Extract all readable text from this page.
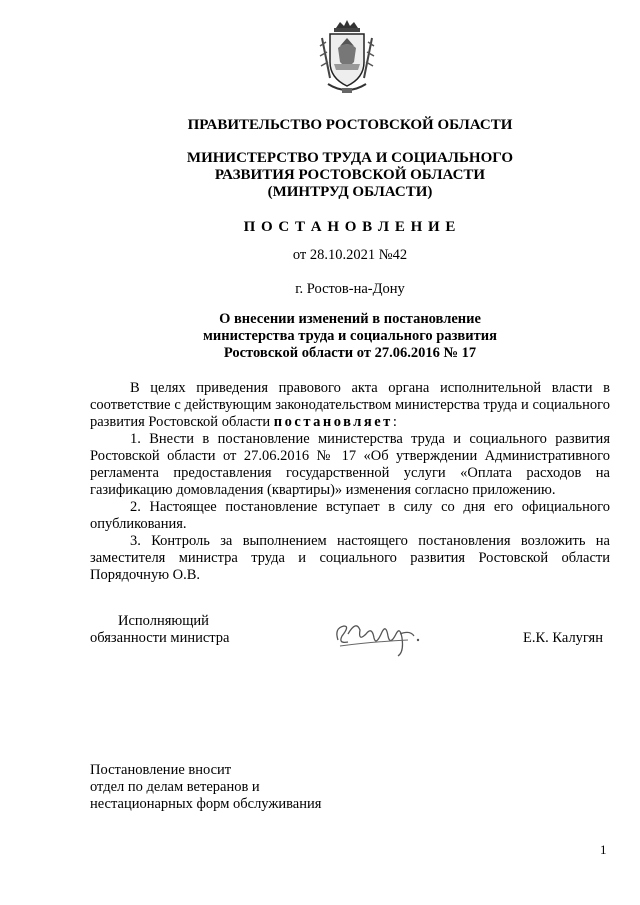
ПРАВИТЕЛЬСТВО РОСТОВСКОЙ ОБЛАСТИ
МИНИСТЕРСТВО ТРУДА И СОЦИАЛЬНОГО
РАЗВИТИЯ РОСТОВСКОЙ ОБЛАСТИ
(МИНТРУД ОБЛАСТИ)
П О С Т А Н О В Л Е Н И Е
от 28.10.2021 №42
г. Ростов-на-Дону
О внесении изменений в постановление
министерства труда и социального развития
Ростовской области от 27.06.2016 № 17

В целях приведения правового акта органа исполнительной власти в соответствие с действующим законодательством министерства труда и социального развития Ростовской области постановляет:

1. Внести в постановление министерства труда и социального развития Ростовской области от 27.06.2016 № 17 «Об утверждении Административного регламента предоставления государственной услуги «Оплата расходов на газификацию домовладения (квартиры)» изменения согласно приложению.

2. Настоящее постановление вступает в силу со дня его официального опубликования.

3. Контроль за выполнением настоящего постановления возложить на заместителя министра труда и социального развития Ростовской области Порядочную О.В.

Исполняющий
обязанности министра	Е.К. Калугян
Постановление вносит
отдел по делам ветеранов и
нестационарных форм обслуживания
1
